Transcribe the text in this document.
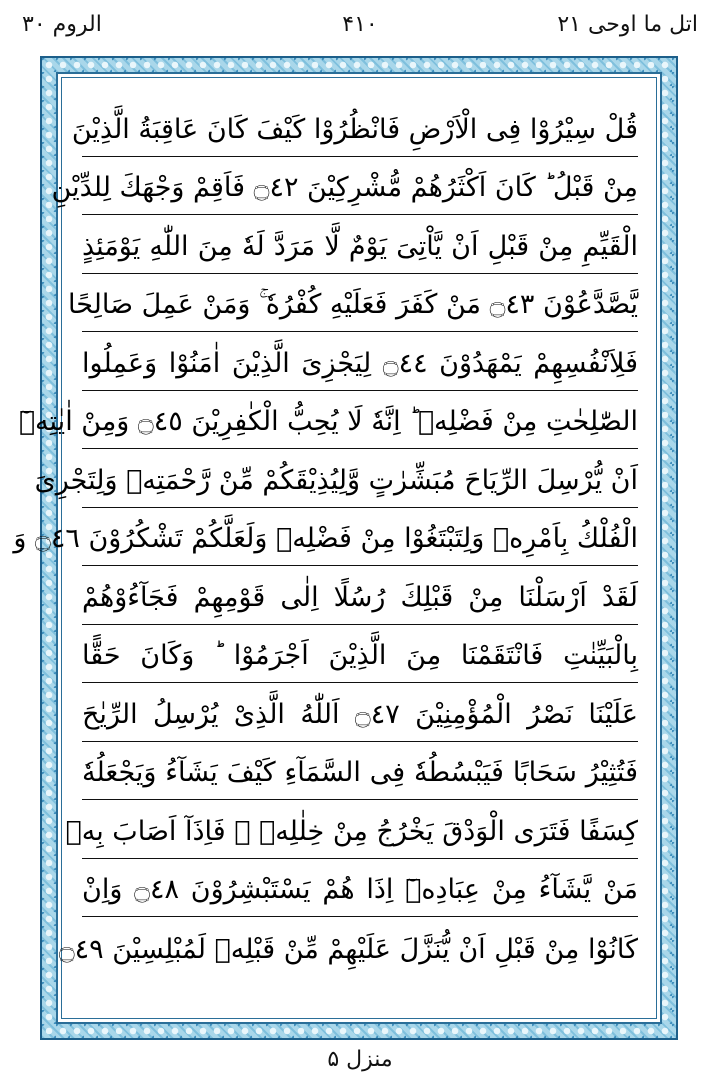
اتل ما اوحی ۲۱
۴۱۰
الروم ۳۰
قُلْ سِيْرُوْا فِى الْاَرْضِ فَانْظُرُوْا كَيْفَ كَانَ عَاقِبَةُ الَّذِيْنَ
مِنْ قَبْلُ ؕ كَانَ اَكْثَرُهُمْ مُّشْرِكِيْنَ ۝٤٢ فَاَقِمْ وَجْهَكَ لِلدِّيْنِ
الْقَيِّمِ مِنْ قَبْلِ اَنْ يَّاْتِىَ يَوْمٌ لَّا مَرَدَّ لَهٗ مِنَ اللّٰهِ يَوْمَئِذٍ
يَّصَّدَّعُوْنَ ۝٤٣ مَنْ كَفَرَ فَعَلَيْهِ كُفْرُهٗ ۚ وَمَنْ عَمِلَ صَالِحًا
فَلِاَنْفُسِهِمْ يَمْهَدُوْنَ ۝٤٤ لِيَجْزِىَ الَّذِيْنَ اٰمَنُوْا وَعَمِلُوا
الصّٰلِحٰتِ مِنْ فَضْلِهٖ ؕ اِنَّهٗ لَا يُحِبُّ الْكٰفِرِيْنَ ۝٤٥ وَمِنْ اٰيٰتِهٖٓ
اَنْ يُّرْسِلَ الرِّيَاحَ مُبَشِّرٰتٍ وَّلِيُذِيْقَكُمْ مِّنْ رَّحْمَتِهٖ وَلِتَجْرِىَ
الْفُلْكُ بِاَمْرِهٖ وَلِتَبْتَغُوْا مِنْ فَضْلِهٖ وَلَعَلَّكُمْ تَشْكُرُوْنَ ۝٤٦ وَ
لَقَدْ اَرْسَلْنَا مِنْ قَبْلِكَ رُسُلًا اِلٰى قَوْمِهِمْ فَجَآءُوْهُمْ
بِالْبَيِّنٰتِ فَانْتَقَمْنَا مِنَ الَّذِيْنَ اَجْرَمُوْا ؕ وَكَانَ حَقًّا
عَلَيْنَا نَصْرُ الْمُؤْمِنِيْنَ ۝٤٧ اَللّٰهُ الَّذِىْ يُرْسِلُ الرِّيٰحَ
فَتُثِيْرُ سَحَابًا فَيَبْسُطُهٗ فِى السَّمَآءِ كَيْفَ يَشَآءُ وَيَجْعَلُهٗ
كِسَفًا فَتَرَى الْوَدْقَ يَخْرُجُ مِنْ خِلٰلِهٖ ۚ فَاِذَآ اَصَابَ بِهٖ
مَنْ يَّشَآءُ مِنْ عِبَادِهٖٓ اِذَا هُمْ يَسْتَبْشِرُوْنَ ۝٤٨ وَاِنْ
كَانُوْا مِنْ قَبْلِ اَنْ يُّنَزَّلَ عَلَيْهِمْ مِّنْ قَبْلِهٖ لَمُبْلِسِيْنَ ۝٤٩
منزل ۵
